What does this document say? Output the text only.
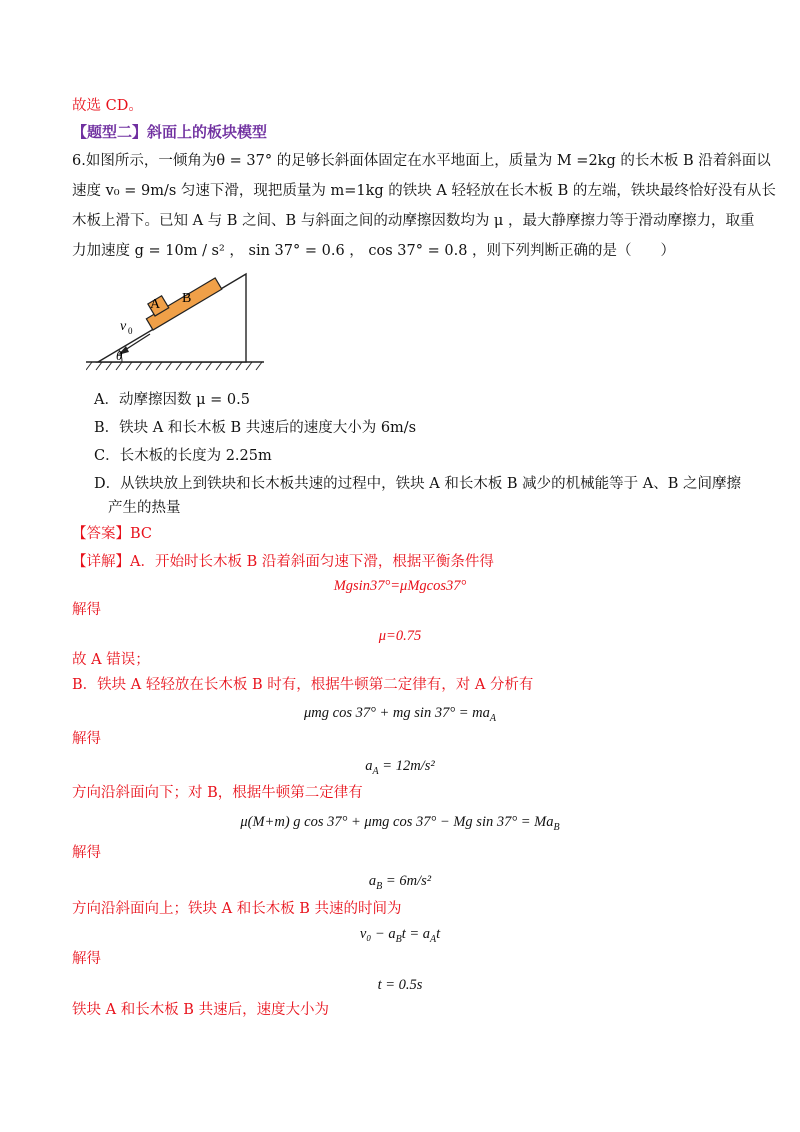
故选 CD。
【题型二】斜面上的板块模型
6.如图所示，一倾角为θ = 37° 的足够长斜面体固定在水平地面上，质量为 M =2kg 的长木板 B 沿着斜面以
速度 v₀ = 9m/s 匀速下滑，现把质量为 m=1kg 的铁块 A 轻轻放在长木板 B 的左端，铁块最终恰好没有从长
木板上滑下。已知 A 与 B 之间、B 与斜面之间的动摩擦因数均为 μ ，最大静摩擦力等于滑动摩擦力，取重
力加速度 g = 10m / s² ， sin 37° = 0.6 ， cos 37° = 0.8 ，则下列判断正确的是（　　）
A B
v 0
θ
A．动摩擦因数 μ = 0.5
B．铁块 A 和长木板 B 共速后的速度大小为 6m/s
C．长木板的长度为 2.25m
D．从铁块放上到铁块和长木板共速的过程中，铁块 A 和长木板 B 减少的机械能等于 A、B 之间摩擦
产生的热量
【答案】BC
【详解】A．开始时长木板 B 沿着斜面匀速下滑，根据平衡条件得
Mgsin37°=μMgcos37°
解得
μ=0.75
故 A 错误；
B．铁块 A 轻轻放在长木板 B 时有，根据牛顿第二定律有，对 A 分析有
μmg cos 37° + mg $\sin 37^\circ = ma_A$
解得
$a_A = 12m/s^2$
方向沿斜面向下；对 B，根据牛顿第二定律有
μ(M+m) g cos 37° + μmg cos 37° − Mg $\sin 37^\circ = Ma_B$
解得
$a_B = 6m/s^2$
方向沿斜面向上；铁块 A 和长木板 B 共速的时间为
$v_0 - a_Bt = a_At$
解得
t = 0.5s
铁块 A 和长木板 B 共速后，速度大小为
